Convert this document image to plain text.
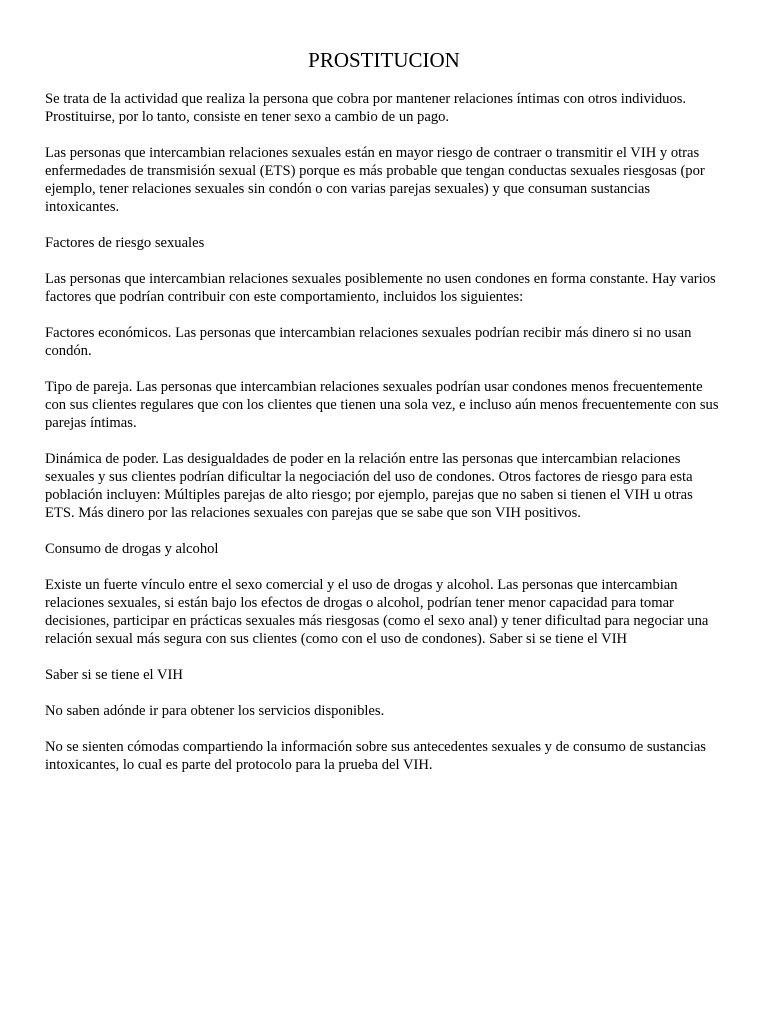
PROSTITUCION

Se trata de la actividad que realiza la persona que cobra por mantener relaciones íntimas con otros individuos. Prostituirse, por lo tanto, consiste en tener sexo a cambio de un pago.

Las personas que intercambian relaciones sexuales están en mayor riesgo de contraer o transmitir el VIH y otras enfermedades de transmisión sexual (ETS) porque es más probable que tengan conductas sexuales riesgosas (por ejemplo, tener relaciones sexuales sin condón o con varias parejas sexuales) y que consuman sustancias intoxicantes.

Factores de riesgo sexuales

Las personas que intercambian relaciones sexuales posiblemente no usen condones en forma constante. Hay varios factores que podrían contribuir con este comportamiento, incluidos los siguientes:

Factores económicos. Las personas que intercambian relaciones sexuales podrían recibir más dinero si no usan condón.

Tipo de pareja. Las personas que intercambian relaciones sexuales podrían usar condones menos frecuentemente con sus clientes regulares que con los clientes que tienen una sola vez, e incluso aún menos frecuentemente con sus parejas íntimas.

Dinámica de poder. Las desigualdades de poder en la relación entre las personas que intercambian relaciones sexuales y sus clientes podrían dificultar la negociación del uso de condones. Otros factores de riesgo para esta población incluyen: Múltiples parejas de alto riesgo; por ejemplo, parejas que no saben si tienen el VIH u otras ETS. Más dinero por las relaciones sexuales con parejas que se sabe que son VIH positivos.

Consumo de drogas y alcohol

Existe un fuerte vínculo entre el sexo comercial y el uso de drogas y alcohol. Las personas que intercambian relaciones sexuales, si están bajo los efectos de drogas o alcohol, podrían tener menor capacidad para tomar decisiones, participar en prácticas sexuales más riesgosas (como el sexo anal) y tener dificultad para negociar una relación sexual más segura con sus clientes (como con el uso de condones). Saber si se tiene el VIH

Saber si se tiene el VIH

No saben adónde ir para obtener los servicios disponibles.

No se sienten cómodas compartiendo la información sobre sus antecedentes sexuales y de consumo de sustancias intoxicantes, lo cual es parte del protocolo para la prueba del VIH.
